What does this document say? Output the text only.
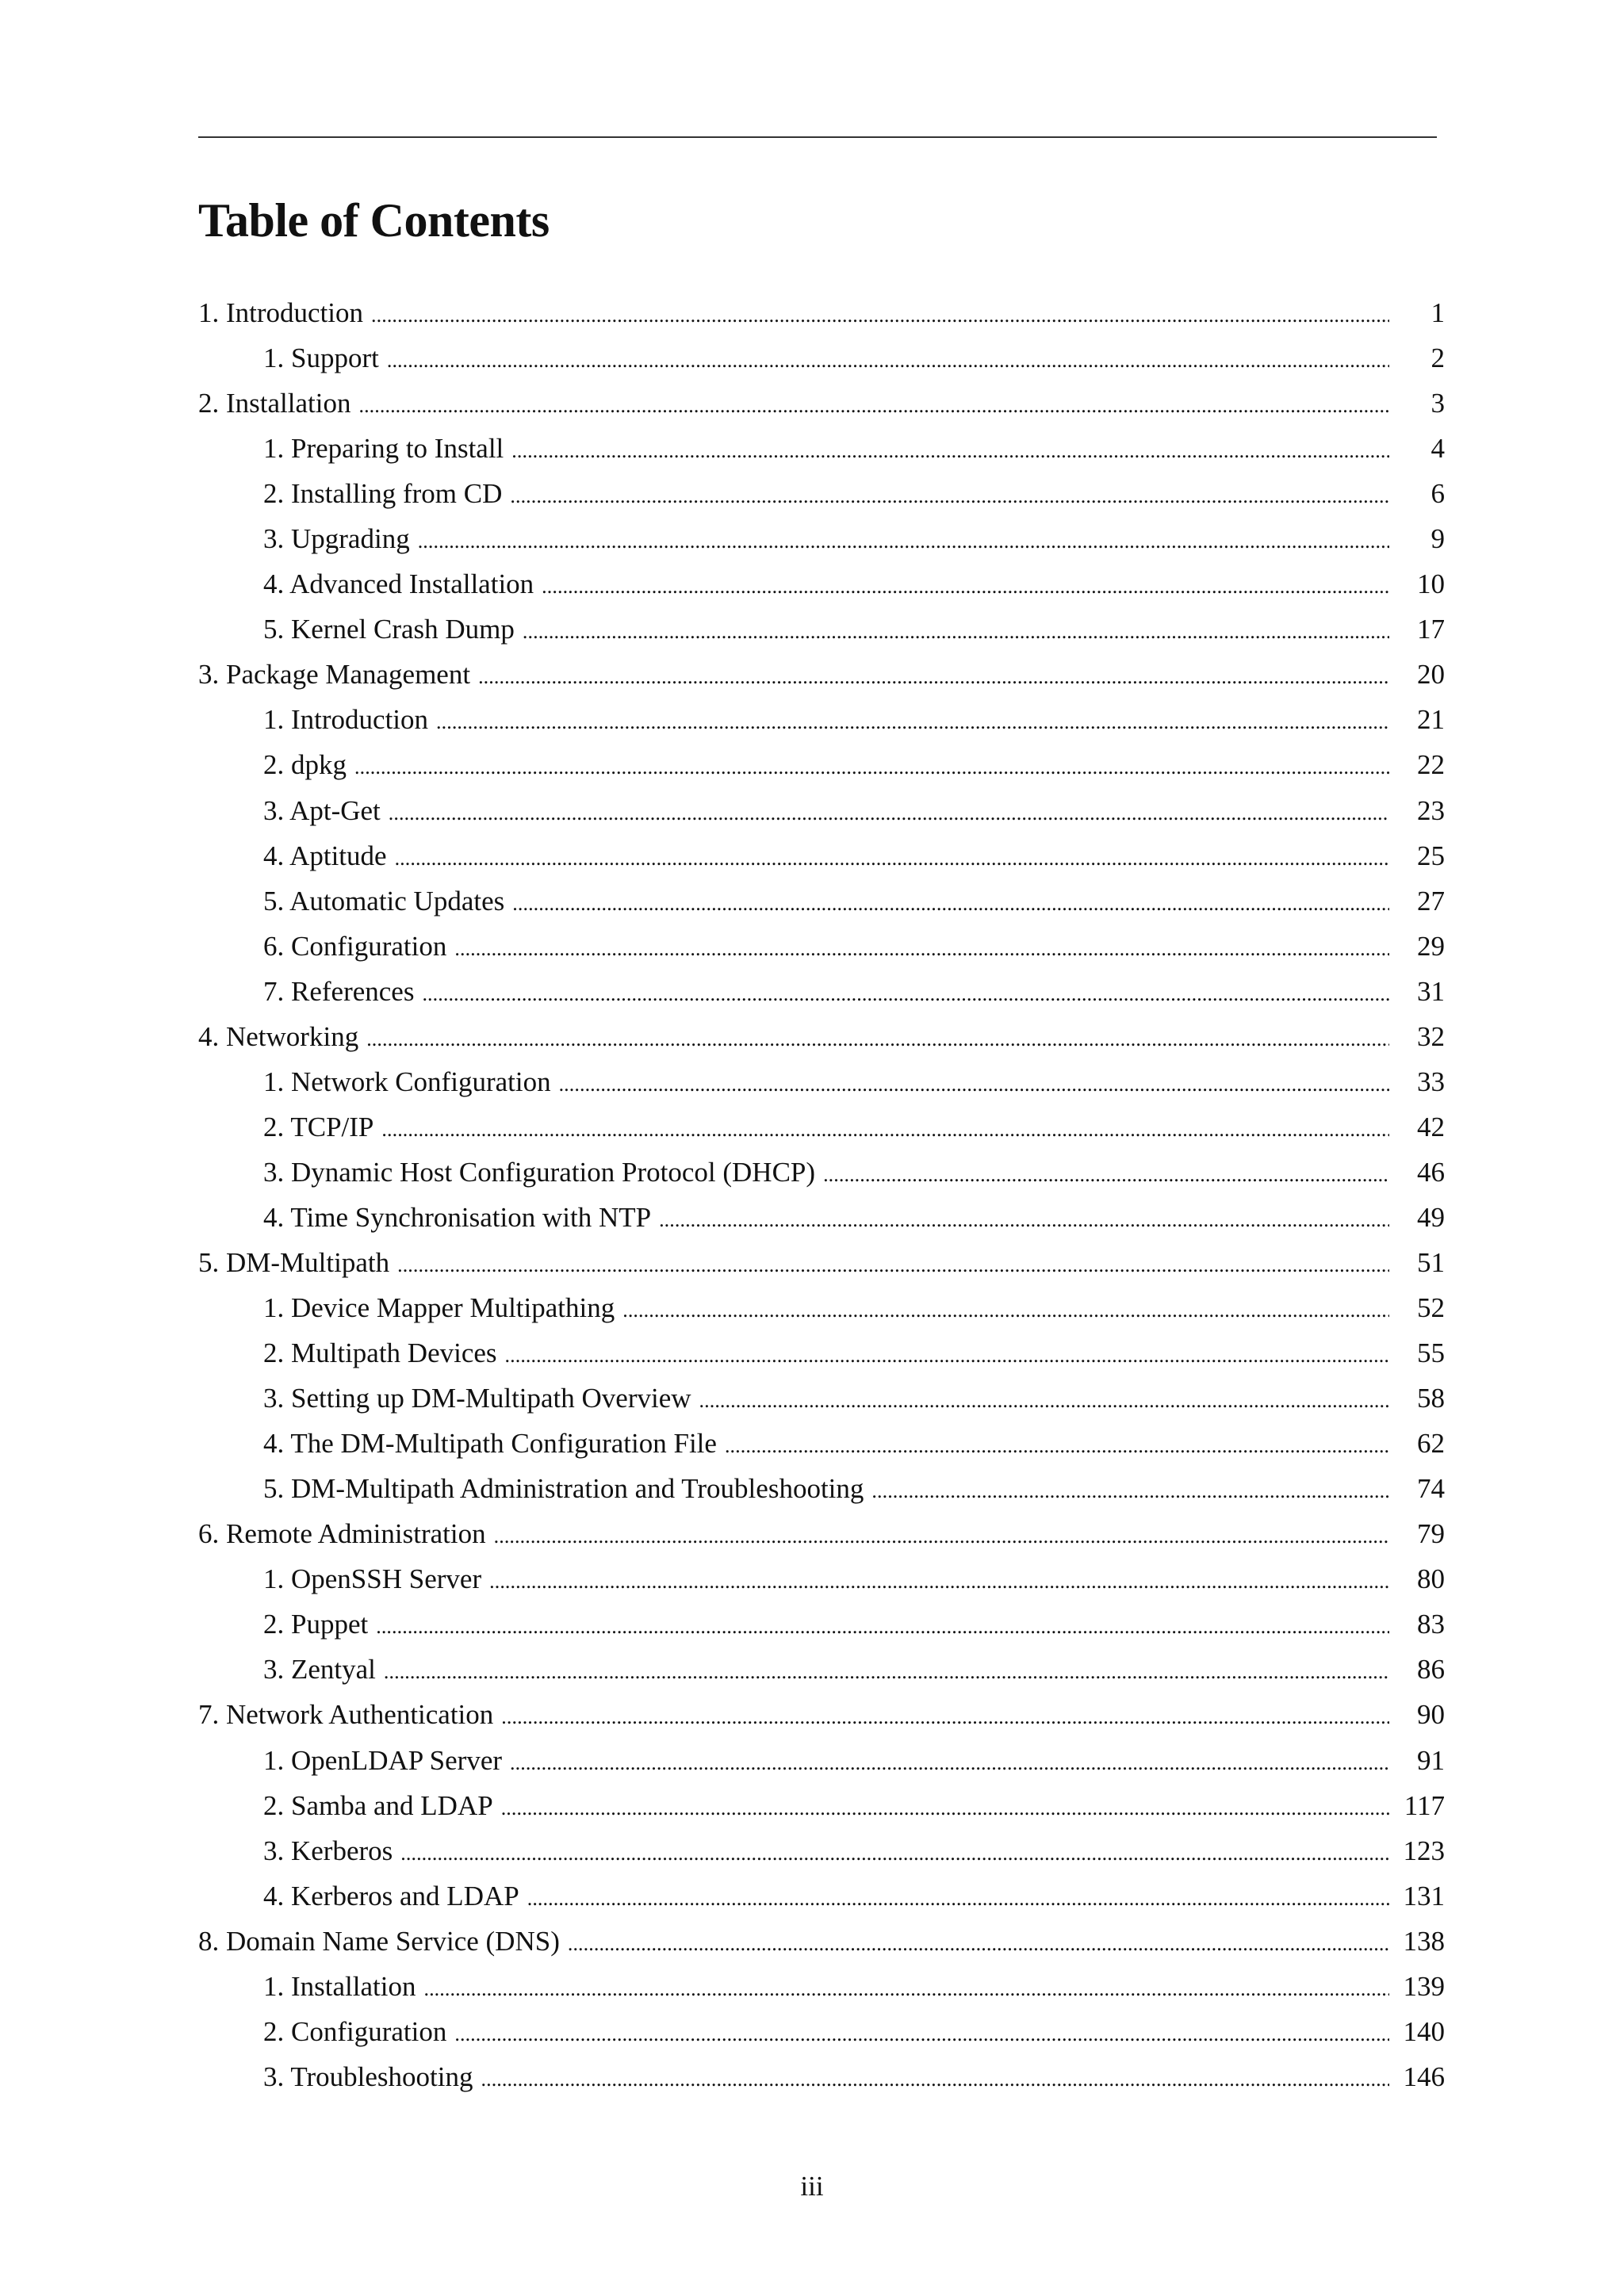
Table of Contents
1. Introduction . . .	1
1. Support . . .	2
2. Installation . . .	3
1. Preparing to Install . . .	4
2. Installing from CD . . .	6
3. Upgrading . . .	9
4. Advanced Installation . . .	10
5. Kernel Crash Dump . . .	17
3. Package Management . . .	20
1. Introduction . . .	21
2. dpkg . . .	22
3. Apt-Get . . .	23
4. Aptitude . . .	25
5. Automatic Updates . . .	27
6. Configuration . . .	29
7. References . . .	31
4. Networking . . .	32
1. Network Configuration . . .	33
2. TCP/IP . . .	42
3. Dynamic Host Configuration Protocol (DHCP) . . .	46
4. Time Synchronisation with NTP . . .	49
5. DM-Multipath . . .	51
1. Device Mapper Multipathing . . .	52
2. Multipath Devices . . .	55
3. Setting up DM-Multipath Overview . . .	58
4. The DM-Multipath Configuration File . . .	62
5. DM-Multipath Administration and Troubleshooting . . .	74
6. Remote Administration . . .	79
1. OpenSSH Server . . .	80
2. Puppet . . .	83
3. Zentyal . . .	86
7. Network Authentication . . .	90
1. OpenLDAP Server . . .	91
2. Samba and LDAP . . .	117
3. Kerberos . . .	123
4. Kerberos and LDAP . . .	131
8. Domain Name Service (DNS) . . .	138
1. Installation . . .	139
2. Configuration . . .	140
3. Troubleshooting . . .	146
iii
